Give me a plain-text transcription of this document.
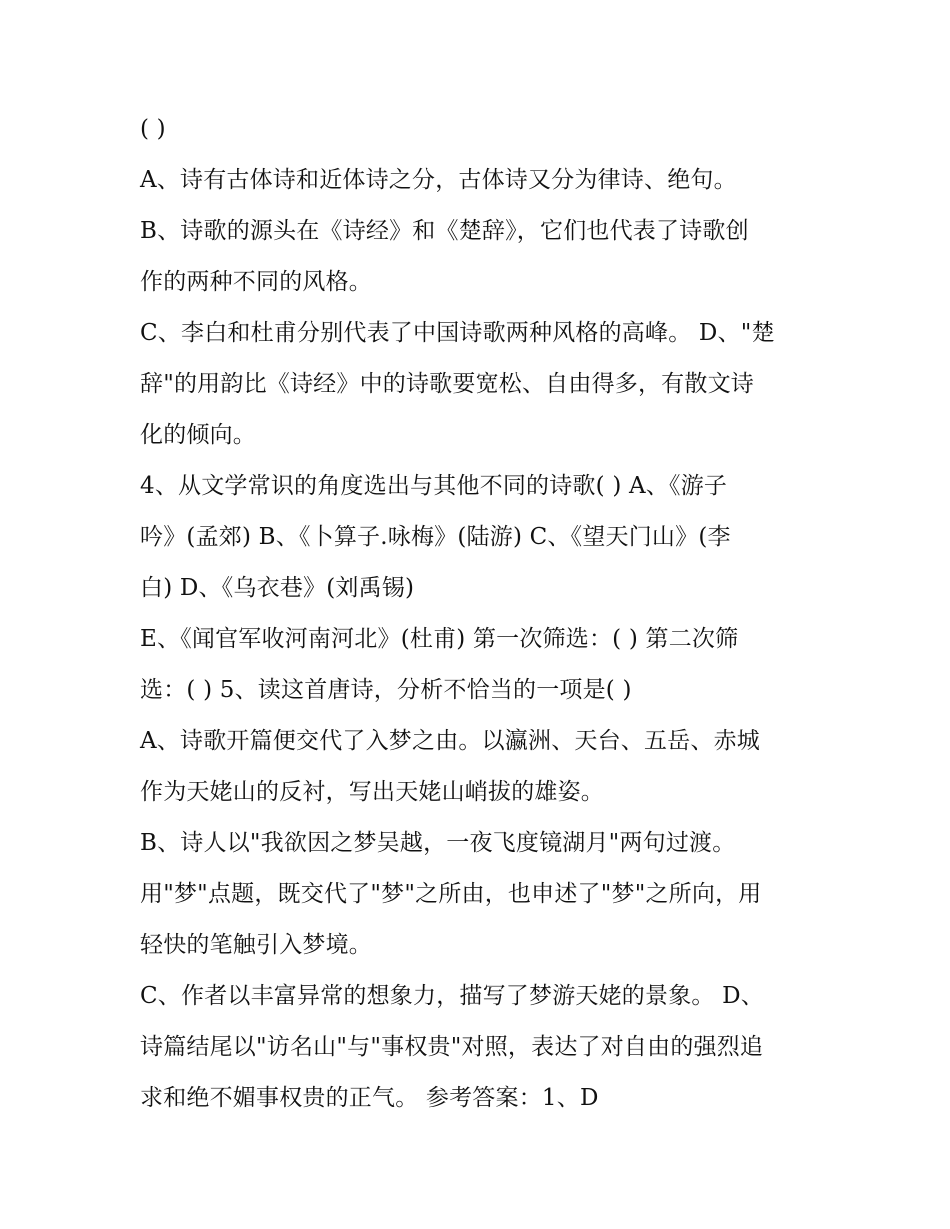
( )
A、诗有古体诗和近体诗之分，古体诗又分为律诗、绝句。
B、诗歌的源头在《诗经》和《楚辞》，它们也代表了诗歌创
作的两种不同的风格。
C、李白和杜甫分别代表了中国诗歌两种风格的高峰。 D、"楚
辞"的用韵比《诗经》中的诗歌要宽松、自由得多，有散文诗
化的倾向。
4、从文学常识的角度选出与其他不同的诗歌( ) A、《游子
吟》(孟郊) B、《卜算子.咏梅》(陆游) C、《望天门山》(李
白) D、《乌衣巷》(刘禹锡)
E、《闻官军收河南河北》(杜甫) 第一次筛选：( ) 第二次筛
选：( ) 5、读这首唐诗，分析不恰当的一项是( )
A、诗歌开篇便交代了入梦之由。以瀛洲、天台、五岳、赤城
作为天姥山的反衬，写出天姥山峭拔的雄姿。
B、诗人以"我欲因之梦吴越，一夜飞度镜湖月"两句过渡。
用"梦"点题，既交代了"梦"之所由，也申述了"梦"之所向，用
轻快的笔触引入梦境。
C、作者以丰富异常的想象力，描写了梦游天姥的景象。 D、
诗篇结尾以"访名山"与"事权贵"对照，表达了对自由的强烈追
求和绝不媚事权贵的正气。 参考答案：1、D
